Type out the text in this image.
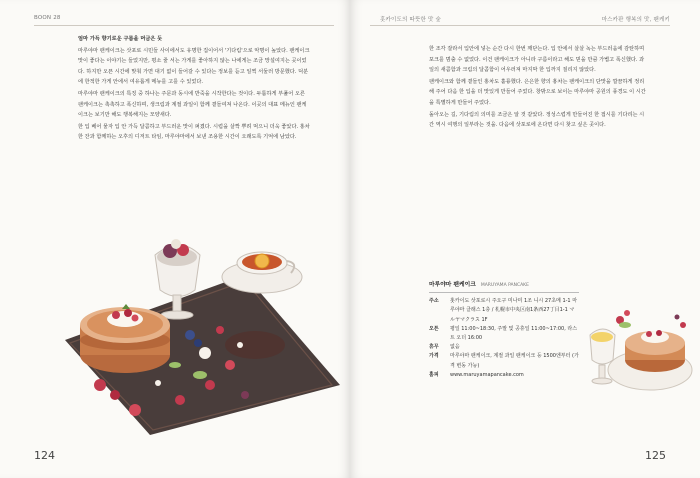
BOON 28

엄마 가득 향기로운 구름을 머금은 듯

마루야마 팬케이크는 삿포로 시민들 사이에서도 유명한 집이어서 '기다림'으로 악명이 높았다. 팬케이크 맛이 좋다는 이야기는 들었지만, 평소 줄 서는 가게를 좋아하지 않는 나에게는 조금 망설여지는 곳이었다. 하지만 오픈 시간에 맞춰 가면 대기 없이 들어갈 수 있다는 정보를 듣고 일찍 서둘러 방문했다. 덕분에 한적한 가게 안에서 여유롭게 메뉴를 고를 수 있었다.

마루야마 팬케이크의 특징 중 하나는 주문과 동시에 반죽을 시작한다는 것이다. 두툼하게 부풀어 오른 팬케이크는 촉촉하고 폭신하며, 생크림과 계절 과일이 함께 곁들여져 나온다. 이곳의 대표 메뉴인 팬케이크는 보기만 해도 행복해지는 모양새다.

한 입 베어 물자 입 안 가득 달콤하고 부드러운 맛이 퍼졌다. 시럽을 살짝 뿌려 먹으니 더욱 좋았다. 홍차 한 잔과 함께하는 오후의 디저트 타임, 마루야마에서 보낸 조용한 시간이 오래도록 기억에 남았다.

124
홋카이도의 따뜻한 맛 숲	마스카판 행복의 맛, 팬케키

한 조각 잘라서 입안에 넣는 순간 다시 한번 깨닫는다. 입 안에서 살살 녹는 부드러움에 감탄하며 포크를 멈출 수 없었다. 이건 팬케이크가 아니라 구름이라고 해도 믿을 만큼 가볍고 폭신했다. 과일의 새콤함과 크림의 달콤함이 어우러져 마지막 한 입까지 질리지 않았다.

팬케이크와 함께 곁들인 홍차도 훌륭했다. 은은한 향의 홍차는 팬케이크의 단맛을 깔끔하게 정리해 주어 다음 한 입을 더 맛있게 만들어 주었다. 창밖으로 보이는 마루야마 공원의 풍경도 이 시간을 특별하게 만들어 주었다.

돌아오는 길, 기다림의 의미를 조금은 알 것 같았다. 정성스럽게 만들어진 한 접시를 기다리는 시간 역시 여행의 일부라는 것을. 다음에 삿포로에 온다면 다시 찾고 싶은 곳이다.

마루야마 팬케이크 MARUYAMA PANCAKE
주소	홋카이도 삿포로시 주오구 미나미 1조 니시 27초메 1-1 마루야마 클래스 1층 / 札幌市中央区南1条西27丁目1-1 マルヤマクラス 1F
오픈	평일 11:00~18:30, 주말 및 공휴일 11:00~17:00, 라스트 오더 16:00
휴무	없음
가격	마루야마 팬케이크, 계절 과일 팬케이크 등 1500엔부터 (가격 변동 가능)
홈피	www.maruyamapancake.com
125
